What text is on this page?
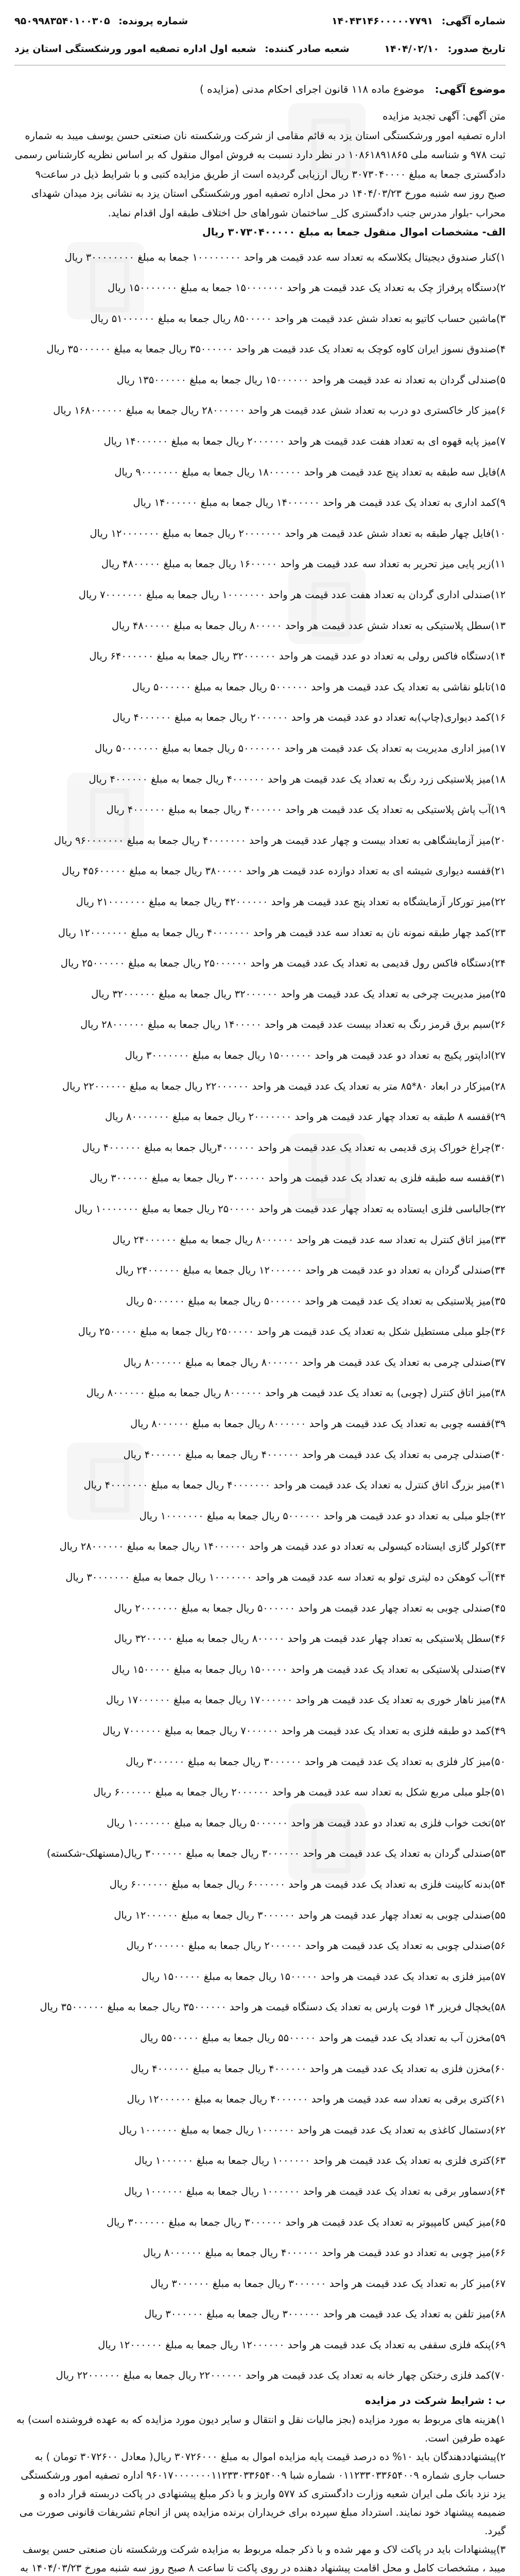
شماره آگهی: ۱۴۰۴۳۱۴۶۰۰۰۰۰۷۷۹۱
شماره پرونده: ۹۵۰۹۹۸۳۵۴۰۱۰۰۳۰۵
تاریخ صدور: ۱۴۰۴/۰۲/۱۰
شعبه صادر کننده: شعبه اول اداره تصفیه امور ورشکستگی استان یزد
موضوع آگهی: موضوع ماده ۱۱۸ قانون اجرای احکام مدنی (مزایده )

متن آگهی: آگهی تجدید مزایده

اداره تصفیه امور ورشکستگی استان یزد به قائم مقامی از شرکت ورشکسته نان صنعتی حسن یوسف میبد به شماره ثبت ۹۷۸ و شناسه ملی ۱۰۸۶۱۸۹۱۸۶۵ در نظر دارد نسبت به فروش اموال منقول که بر اساس نظریه کارشناس رسمی دادگستری جمعا به مبلغ ۳۰۷۳۰۴۰۰۰۰ ریال ارزیابی گردیده است از طریق مزایده کتبی و با شرایط ذیل در ساعت۹ صبح روز سه شنبه مورخ ۱۴۰۴/۰۳/۲۳ در محل اداره تصفیه امور ورشکستگی استان یزد به نشانی یزد میدان شهدای محراب -بلوار مدرس جنب دادگستری کل_ ساختمان شوراهای حل اختلاف طبقه اول اقدام نماید.

الف- مشخصات اموال منقول جمعا به مبلغ ۳۰۷۳۰۴۰۰۰۰۰ ریال

۱)کنار صندوق دیجیتال یکلاسکه به تعداد سه عدد قیمت هر واحد ۱۰۰۰۰۰۰۰۰ جمعا به مبلغ ۳۰۰۰۰۰۰۰۰ ریال
۲)دستگاه پرفراژ چک به تعداد یک عدد قیمت هر واحد ۱۵۰۰۰۰۰۰۰ جمعا به مبلغ ۱۵۰۰۰۰۰۰۰ ریال
۳)ماشین حساب کاتیو به تعداد شش عدد قیمت هر واحد ۸۵۰۰۰۰۰ ریال جمعا به مبلغ ۵۱۰۰۰۰۰۰ ریال
۴)صندوق نسوز ایران کاوه کوچک به تعداد یک عدد قیمت هر واحد ۳۵۰۰۰۰۰۰ ریال جمعا به مبلغ ۳۵۰۰۰۰۰۰ ریال
۵)صندلی گردان به تعداد نه عدد قیمت هر واحد ۱۵۰۰۰۰۰۰ ریال جمعا به مبلغ ۱۳۵۰۰۰۰۰۰ ریال
۶)میز کار خاکستری دو درب به تعداد شش عدد قیمت هر واحد ۲۸۰۰۰۰۰۰ ریال جمعا به مبلغ ۱۶۸۰۰۰۰۰۰ ریال
۷)میز پایه قهوه ای به تعداد هفت عدد قیمت هر واحد ۲۰۰۰۰۰۰ ریال جمعا به مبلغ ۱۴۰۰۰۰۰۰ ریال
۸)فایل سه طبقه به تعداد پنج عدد قیمت هر واحد ۱۸۰۰۰۰۰۰ ریال جمعا به مبلغ ۹۰۰۰۰۰۰۰ ریال
۹)کمد اداری به تعداد یک عدد قیمت هر واحد ۱۴۰۰۰۰۰۰ ریال جمعا به مبلغ ۱۴۰۰۰۰۰۰ ریال
۱۰)فایل چهار طبقه به تعداد شش عدد قیمت هر واحد ۲۰۰۰۰۰۰۰ ریال جمعا به مبلغ ۱۲۰۰۰۰۰۰۰ ریال
۱۱)زیر پایی میز تحریر به تعداد سه عدد قیمت هر واحد ۱۶۰۰۰۰۰ ریال جمعا به مبلغ ۴۸۰۰۰۰۰ ریال
۱۲)صندلی اداری گردان به تعداد هفت عدد قیمت هر واحد ۱۰۰۰۰۰۰۰ ریال جمعا به مبلغ ۷۰۰۰۰۰۰۰ ریال
۱۳)سطل پلاستیکی به تعداد شش عدد قیمت هر واحد ۸۰۰۰۰۰ ریال جمعا به مبلغ ۴۸۰۰۰۰۰ ریال
۱۴)دستگاه فاکس رولی به تعداد دو عدد قیمت هر واحد ۳۲۰۰۰۰۰۰ ریال جمعا به مبلغ ۶۴۰۰۰۰۰۰ ریال
۱۵)تابلو نقاشی به تعداد یک عدد قیمت هر واحد ۵۰۰۰۰۰۰ ریال جمعا به مبلغ ۵۰۰۰۰۰۰ ریال
۱۶)کمد دیواری(چاپ)به تعداد دو عدد قیمت هر واحد ۲۰۰۰۰۰۰ ریال جمعا به مبلغ ۴۰۰۰۰۰۰ ریال
۱۷)میز اداری مدیریت به تعداد یک عدد قیمت هر واحد ۵۰۰۰۰۰۰۰ ریال جمعا به مبلغ ۵۰۰۰۰۰۰۰ ریال
۱۸)میز پلاستیکی زرد رنگ به تعداد یک عدد قیمت هر واحد ۴۰۰۰۰۰۰ ریال جمعا به مبلغ ۴۰۰۰۰۰۰ ریال
۱۹)آب پاش پلاستیکی به تعداد یک عدد قیمت هر واحد ۴۰۰۰۰۰۰ ریال جمعا به مبلغ ۴۰۰۰۰۰۰ ریال
۲۰)میز آزمایشگاهی به تعداد بیست و چهار عدد قیمت هر واحد ۴۰۰۰۰۰۰۰ ریال جمعا به مبلغ ۹۶۰۰۰۰۰۰۰ ریال
۲۱)قفسه دیواری شیشه ای به تعداد دوازده عدد قیمت هر واحد ۳۸۰۰۰۰۰ ریال جمعا به مبلغ ۴۵۶۰۰۰۰۰ ریال
۲۲)میز تورکار آزمایشگاه به تعداد پنج عدد قیمت هر واحد ۴۲۰۰۰۰۰۰ ریال جمعا به مبلغ ۲۱۰۰۰۰۰۰۰ ریال
۲۳)کمد چهار طبقه نمونه نان به تعداد سه عدد قیمت هر واحد ۴۰۰۰۰۰۰۰ ریال جمعا به مبلغ ۱۲۰۰۰۰۰۰۰ ریال
۲۴)دستگاه فاکس رول قدیمی به تعداد یک عدد قیمت هر واحد ۲۵۰۰۰۰۰۰ ریال جمعا به مبلغ ۲۵۰۰۰۰۰۰ ریال
۲۵)میز مدیریت چرخی به تعداد یک عدد قیمت هر واحد ۳۲۰۰۰۰۰۰ ریال جمعا به مبلغ ۳۲۰۰۰۰۰۰ ریال
۲۶)سیم برق قرمز رنگ به تعداد بیست عدد قیمت هر واحد ۱۴۰۰۰۰۰ ریال جمعا به مبلغ ۲۸۰۰۰۰۰۰ ریال
۲۷)اداپتور پکیج به تعداد دو عدد قیمت هر واحد ۱۵۰۰۰۰۰۰ ریال جمعا به مبلغ ۳۰۰۰۰۰۰۰ ریال
۲۸)میزکار در ابعاد ۸۰*۸۵ متر به تعداد یک عدد قیمت هر واحد ۲۲۰۰۰۰۰۰ ریال جمعا به مبلغ ۲۲۰۰۰۰۰۰ ریال
۲۹)قفسه ۸ طبقه به تعداد چهار عدد قیمت هر واحد ۲۰۰۰۰۰۰۰ ریال جمعا به مبلغ ۸۰۰۰۰۰۰۰ ریال
۳۰)چراغ خوراک پزی قدیمی به تعداد یک عدد قیمت هر واحد ۴۰۰۰۰۰۰ریال جمعا به مبلغ ۴۰۰۰۰۰۰ ریال
۳۱)قفسه سه طبقه فلزی به تعداد یک عدد قیمت هر واحد ۳۰۰۰۰۰۰ ریال جمعا به مبلغ ۳۰۰۰۰۰۰ ریال
۳۲)جالباسی فلزی ایستاده به تعداد چهار عدد قیمت هر واحد ۲۵۰۰۰۰۰ ریال جمعا به مبلغ ۱۰۰۰۰۰۰۰ ریال
۳۳)میز اتاق کنترل به تعداد سه عدد قیمت هر واحد ۸۰۰۰۰۰۰ ریال جمعا به مبلغ ۲۴۰۰۰۰۰۰ ریال
۳۴)صندلی گردان به تعداد دو عدد قیمت هر واحد ۱۲۰۰۰۰۰۰ ریال جمعا به مبلغ ۲۴۰۰۰۰۰۰ ریال
۳۵)میز پلاستیکی به تعداد یک عدد قیمت هر واحد ۵۰۰۰۰۰۰ ریال جمعا به مبلغ ۵۰۰۰۰۰۰ ریال
۳۶)جلو مبلی مستطیل شکل به تعداد یک عدد قیمت هر واحد ۲۵۰۰۰۰۰ ریال جمعا به مبلغ ۲۵۰۰۰۰۰ ریال
۳۷)صندلی چرمی به تعداد یک عدد قیمت هر واحد ۸۰۰۰۰۰۰ ریال جمعا به مبلغ ۸۰۰۰۰۰۰ ریال
۳۸)میز اتاق کنترل (چوبی) به تعداد یک عدد قیمت هر واحد ۸۰۰۰۰۰۰ ریال جمعا به مبلغ ۸۰۰۰۰۰۰ ریال
۳۹)قفسه چوبی به تعداد یک عدد قیمت هر واحد ۸۰۰۰۰۰۰ ریال جمعا به مبلغ ۸۰۰۰۰۰۰ ریال
۴۰)صندلی چرمی به تعداد یک عدد قیمت هر واحد ۴۰۰۰۰۰۰ ریال جمعا به مبلغ ۴۰۰۰۰۰۰ ریال
۴۱)میز بزرگ اتاق کنترل به تعداد یک عدد قیمت هر واحد ۴۰۰۰۰۰۰۰ ریال جمعا به مبلغ ۴۰۰۰۰۰۰۰ ریال
۴۲)جلو مبلی به تعداد دو عدد قیمت هر واحد ۵۰۰۰۰۰۰ ریال جمعا به مبلغ ۱۰۰۰۰۰۰۰ ریال
۴۳)کولر گازی ایستاده کیسولی به تعداد دو عدد قیمت هر واحد ۱۴۰۰۰۰۰۰ ریال جمعا به مبلغ ۲۸۰۰۰۰۰۰ ریال
۴۴)آب کوهکن ده لیتری تولو به تعداد سه عدد قیمت هر واحد ۱۰۰۰۰۰۰۰ ریال جمعا به مبلغ ۳۰۰۰۰۰۰۰ ریال
۴۵)صندلی چوبی به تعداد چهار عدد قیمت هر واحد ۵۰۰۰۰۰۰ ریال جمعا به مبلغ ۲۰۰۰۰۰۰۰ ریال
۴۶)سطل پلاستیکی به تعداد چهار عدد قیمت هر واحد ۸۰۰۰۰۰ ریال جمعا به مبلغ ۳۲۰۰۰۰۰ ریال
۴۷)صندلی پلاستیکی به تعداد یک عدد قیمت هر واحد ۱۵۰۰۰۰۰ ریال جمعا به مبلغ ۱۵۰۰۰۰۰ ریال
۴۸)میز ناهار خوری به تعداد یک عدد قیمت هر واحد ۱۷۰۰۰۰۰۰ ریال جمعا به مبلغ ۱۷۰۰۰۰۰۰ ریال
۴۹)کمد دو طبقه فلزی به تعداد یک عدد قیمت هر واحد ۷۰۰۰۰۰۰ ریال جمعا به مبلغ ۷۰۰۰۰۰۰ ریال
۵۰)میز کار فلزی به تعداد یک عدد قیمت هر واحد ۳۰۰۰۰۰۰ ریال جمعا به مبلغ ۳۰۰۰۰۰۰ ریال
۵۱)جلو مبلی مربع شکل به تعداد سه عدد قیمت هر واحد ۲۰۰۰۰۰۰ ریال جمعا به مبلغ ۶۰۰۰۰۰۰ ریال
۵۲)تخت خواب فلزی به تعداد دو عدد قیمت هر واحد ۵۰۰۰۰۰۰ ریال جمعا به مبلغ ۱۰۰۰۰۰۰۰ ریال
۵۳)صندلی گردان به تعداد یک عدد قیمت هر واحد ۳۰۰۰۰۰۰ ریال جمعا به مبلغ ۳۰۰۰۰۰۰ ریال(مستهلک-شکسته)
۵۴)بدنه کابینت فلزی به تعداد یک عدد قیمت هر واحد ۶۰۰۰۰۰۰ ریال جمعا به مبلغ ۶۰۰۰۰۰۰ ریال
۵۵)صندلی چوبی به تعداد چهار عدد قیمت هر واحد ۳۰۰۰۰۰۰ ریال جمعا به مبلغ ۱۲۰۰۰۰۰۰ ریال
۵۶)صندلی چوبی به تعداد یک عدد قیمت هر واحد ۲۰۰۰۰۰۰ ریال جمعا به مبلغ ۲۰۰۰۰۰۰ ریال
۵۷)میز فلزی به تعداد یک عدد قیمت هر واحد ۱۵۰۰۰۰۰ ریال جمعا به مبلغ ۱۵۰۰۰۰۰ ریال
۵۸)یخچال فریزر ۱۴ فوت پارس به تعداد یک دستگاه قیمت هر واحد ۳۵۰۰۰۰۰۰ ریال جمعا به مبلغ ۳۵۰۰۰۰۰۰ ریال
۵۹)مخزن آب به تعداد یک عدد قیمت هر واحد ۵۵۰۰۰۰۰ ریال جمعا به مبلغ ۵۵۰۰۰۰۰ ریال
۶۰)مخزن فلزی به تعداد یک عدد قیمت هر واحد ۴۰۰۰۰۰۰ ریال جمعا به مبلغ ۴۰۰۰۰۰۰ ریال
۶۱)کتری برقی به تعداد سه عدد قیمت هر واحد ۴۰۰۰۰۰۰ ریال جمعا به مبلغ ۱۲۰۰۰۰۰۰ ریال
۶۲)دستمال کاغذی به تعداد یک عدد قیمت هر واحد ۱۰۰۰۰۰۰ ریال جمعا به مبلغ ۱۰۰۰۰۰۰ ریال
۶۳)کتری فلزی به تعداد یک عدد قیمت هر واحد ۱۰۰۰۰۰۰ ریال جمعا به مبلغ ۱۰۰۰۰۰۰ ریال
۶۴)دسماور برقی به تعداد یک عدد قیمت هر واحد ۱۰۰۰۰۰۰ ریال جمعا به مبلغ ۱۰۰۰۰۰۰ ریال
۶۵)میز کیس کامپیوتر به تعداد یک عدد قیمت هر واحد ۳۰۰۰۰۰۰ ریال جمعا به مبلغ ۳۰۰۰۰۰۰ ریال
۶۶)میز چوبی به تعداد دو عدد قیمت هر واحد ۴۰۰۰۰۰۰ ریال جمعا به مبلغ ۸۰۰۰۰۰۰ ریال
۶۷)میز کار به تعداد یک عدد قیمت هر واحد ۳۰۰۰۰۰۰ ریال جمعا به مبلغ ۳۰۰۰۰۰۰ ریال
۶۸)میز تلفن به تعداد یک عدد قیمت هر واحد ۳۰۰۰۰۰۰ ریال جمعا به مبلغ ۳۰۰۰۰۰۰ ریال
۶۹)پنکه فلزی سقفی به تعداد یک عدد قیمت هر واحد ۱۲۰۰۰۰۰۰ ریال جمعا به مبلغ ۱۲۰۰۰۰۰۰ ریال
۷۰)کمد فلزی رختکن چهار خانه به تعداد یک عدد قیمت هر واحد ۲۲۰۰۰۰۰۰ ریال جمعا به مبلغ ۲۲۰۰۰۰۰۰ ریال

ب : شرایط شرکت در مزایده

۱)هزینه های مربوط به مورد مزایده (بجز مالیات نقل و انتقال و سایر دیون مورد مزایده که به عهده فروشنده است) به عهده طرفین است.

۲)پیشنهاددهندگان باید ۱۰% ده درصد قیمت پایه مزایده اموال به مبلغ ۳۰۷۲۶۰۰۰ ریال( معادل ۳۰۷۲۶۰۰ تومان ) به حساب جاری شماره ۰۱۱۲۳۳۰۳۳۶۵۴۰۰۹ شماره شبا ۹۶۰۱۷۰۰۰۰۰۰۰۱۱۲۳۳۰۳۳۶۵۴۰۰۹ اداره تصفیه امور ورشکستگی یزد نزد بانک ملی ایران شعبه وزارت دادگستری کد ۵۷۷ واریز و با ذکر مبلغ پیشنهادی در پاکت دربسته قرار داده و ضمیمه پیشنهاد خود نمایند. استرداد مبلغ سپرده برای خریداران برنده مزایده پس از انجام تشریفات قانونی صورت می گیرد.

۳)پیشنهادات باید در پاکت لاک و مهر شده و با ذکر جمله مربوط به مزایده شرکت ورشکسته نان صنعتی حسن یوسف میبد ، مشخصات کامل و محل اقامت پیشنهاد دهنده در روی پاکت تا ساعت ۸ صبح روز سه شنبه مورخ ۱۴۰۴/۰۳/۲۳ به
